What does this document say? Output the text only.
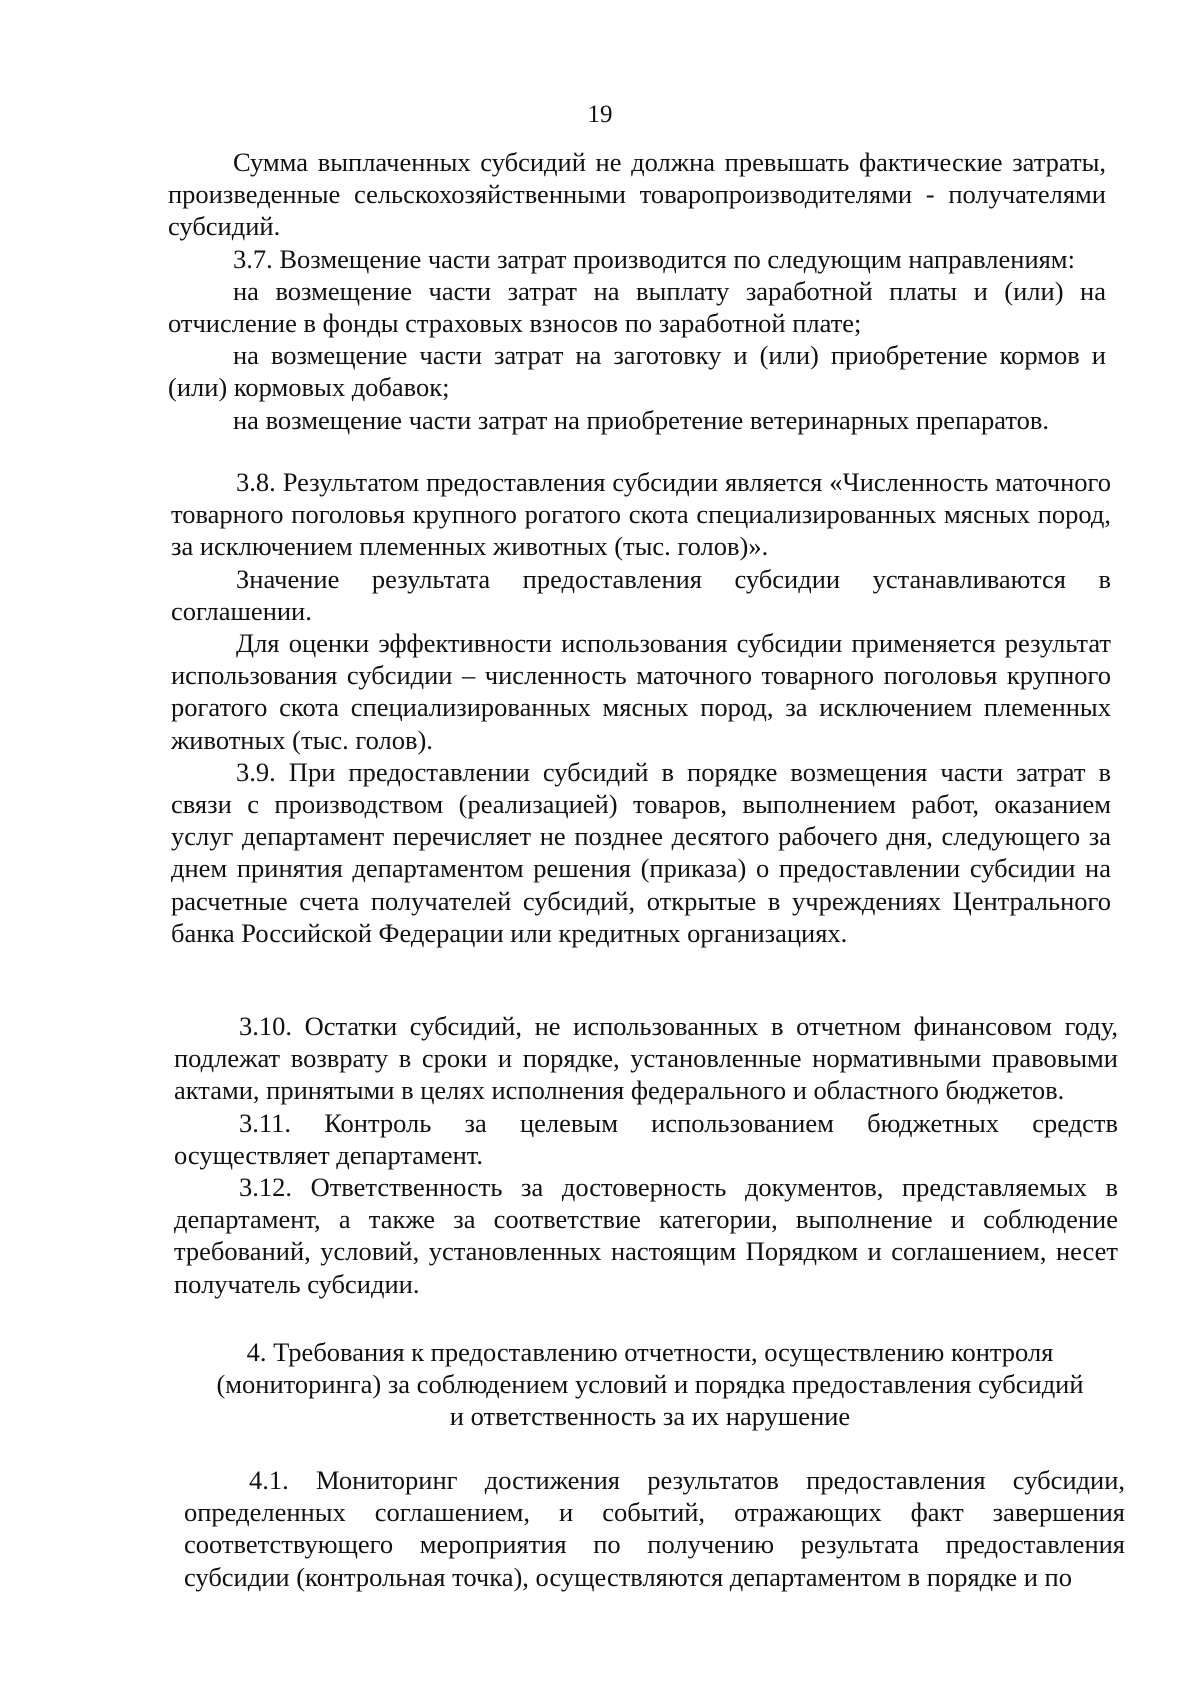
19

Сумма выплаченных субсидий не должна превышать фактические затраты, произведенные сельскохозяйственными товаропроизводителями - получателями субсидий.

3.7. Возмещение части затрат производится по следующим направлениям:

на возмещение части затрат на выплату заработной платы и (или) на отчисление в фонды страховых взносов по заработной плате;

на возмещение части затрат на заготовку и (или) приобретение кормов и (или) кормовых добавок;

на возмещение части затрат на приобретение ветеринарных препаратов.

3.8. Результатом предоставления субсидии является «Численность маточного товарного поголовья крупного рогатого скота специализированных мясных пород, за исключением племенных животных (тыс. голов)».

Значение результата предоставления субсидии устанавливаются в соглашении.

Для оценки эффективности использования субсидии применяется результат использования субсидии – численность маточного товарного поголовья крупного рогатого скота специализированных мясных пород, за исключением племенных животных (тыс. голов).

3.9. При предоставлении субсидий в порядке возмещения части затрат в связи с производством (реализацией) товаров, выполнением работ, оказанием услуг департамент перечисляет не позднее десятого рабочего дня, следующего за днем принятия департаментом решения (приказа) о предоставлении субсидии на расчетные счета получателей субсидий, открытые в учреждениях Центрального банка Российской Федерации или кредитных организациях.

3.10. Остатки субсидий, не использованных в отчетном финансовом году, подлежат возврату в сроки и порядке, установленные нормативными правовыми актами, принятыми в целях исполнения федерального и областного бюджетов.

3.11. Контроль за целевым использованием бюджетных средств осуществляет департамент.

3.12. Ответственность за достоверность документов, представляемых в департамент, а также за соответствие категории, выполнение и соблюдение требований, условий, установленных настоящим Порядком и соглашением, несет получатель субсидии.

4. Требования к предоставлению отчетности, осуществлению контроля
(мониторинга) за соблюдением условий и порядка предоставления субсидий
и ответственность за их нарушение

4.1. Мониторинг достижения результатов предоставления субсидии, определенных соглашением, и событий, отражающих факт завершения соответствующего мероприятия по получению результата предоставления субсидии (контрольная точка), осуществляются департаментом в порядке и по
